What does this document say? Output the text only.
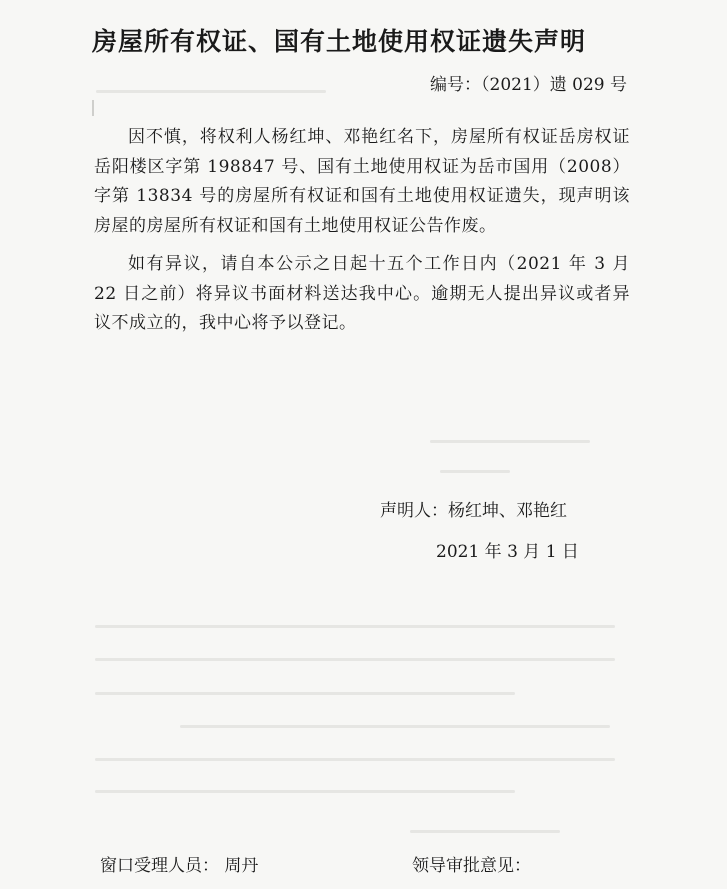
房屋所有权证、国有土地使用权证遗失声明
编号：（2021）遗 029 号

因不慎，将权利人杨红坤、邓艳红名下，房屋所有权证岳房权证岳阳楼区字第 198847 号、国有土地使用权证为岳市国用（2008）字第 13834 号的房屋所有权证和国有土地使用权证遗失，现声明该房屋的房屋所有权证和国有土地使用权证公告作废。

如有异议，请自本公示之日起十五个工作日内（2021 年 3 月 22 日之前）将异议书面材料送达我中心。逾期无人提出异议或者异议不成立的，我中心将予以登记。

声明人：杨红坤、邓艳红
2021 年 3 月 1 日
窗口受理人员： 周丹	领导审批意见：
